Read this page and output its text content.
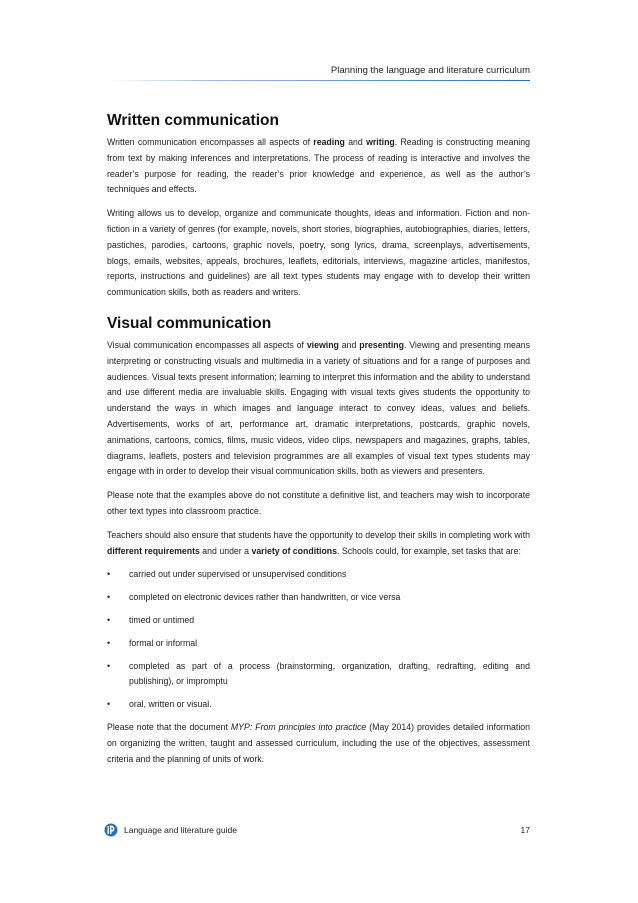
Planning the language and literature curriculum
Written communication

Written communication encompasses all aspects of reading and writing. Reading is constructing meaning from text by making inferences and interpretations. The process of reading is interactive and involves the reader’s purpose for reading, the reader’s prior knowledge and experience, as well as the author’s techniques and effects.

Writing allows us to develop, organize and communicate thoughts, ideas and information. Fiction and non-fiction in a variety of genres (for example, novels, short stories, biographies, autobiographies, diaries, letters, pastiches, parodies, cartoons, graphic novels, poetry, song lyrics, drama, screenplays, advertisements, blogs, emails, websites, appeals, brochures, leaflets, editorials, interviews, magazine articles, manifestos, reports, instructions and guidelines) are all text types students may engage with to develop their written communication skills, both as readers and writers.

Visual communication

Visual communication encompasses all aspects of viewing and presenting. Viewing and presenting means interpreting or constructing visuals and multimedia in a variety of situations and for a range of purposes and audiences. Visual texts present information; learning to interpret this information and the ability to understand and use different media are invaluable skills. Engaging with visual texts gives students the opportunity to understand the ways in which images and language interact to convey ideas, values and beliefs. Advertisements, works of art, performance art, dramatic interpretations, postcards, graphic novels, animations, cartoons, comics, films, music videos, video clips, newspapers and magazines, graphs, tables, diagrams, leaflets, posters and television programmes are all examples of visual text types students may engage with in order to develop their visual communication skills, both as viewers and presenters.

Please note that the examples above do not constitute a definitive list, and teachers may wish to incorporate other text types into classroom practice.

Teachers should also ensure that students have the opportunity to develop their skills in completing work with different requirements and under a variety of conditions. Schools could, for example, set tasks that are:

• carried out under supervised or unsupervised conditions
• completed on electronic devices rather than handwritten, or vice versa
• timed or untimed
• formal or informal
• completed as part of a process (brainstorming, organization, drafting, redrafting, editing and publishing), or impromptu
• oral, written or visual.

Please note that the document MYP: From principles into practice (May 2014) provides detailed information on organizing the written, taught and assessed curriculum, including the use of the objectives, assessment criteria and the planning of units of work.

Language and literature guide	17
